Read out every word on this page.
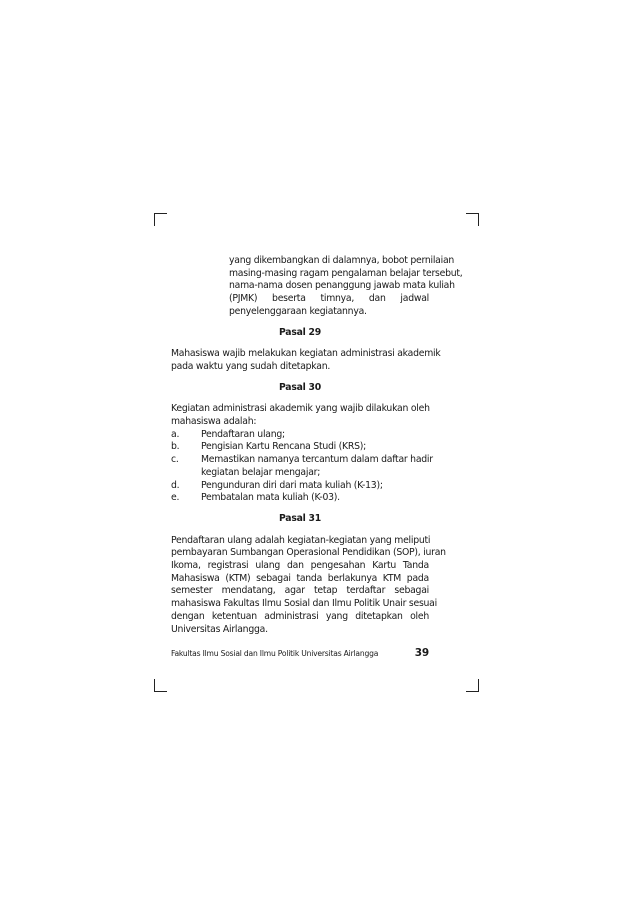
yang dikembangkan di dalamnya, bobot pernilaian
masing-masing ragam pengalaman belajar tersebut,
nama-nama dosen penanggung jawab mata kuliah
(PJMK) beserta timnya, dan jadwal
penyelenggaraan kegiatannya.
Pasal 29
Mahasiswa wajib melakukan kegiatan administrasi akademik
pada waktu yang sudah ditetapkan.
Pasal 30
Kegiatan administrasi akademik yang wajib dilakukan oleh
mahasiswa adalah:
a. Pendaftaran ulang;
b. Pengisian Kartu Rencana Studi (KRS);
c. Memastikan namanya tercantum dalam daftar hadir
kegiatan belajar mengajar;
d. Pengunduran diri dari mata kuliah (K-13);
e. Pembatalan mata kuliah (K-03).
Pasal 31
Pendaftaran ulang adalah kegiatan-kegiatan yang meliputi
pembayaran Sumbangan Operasional Pendidikan (SOP), iuran
Ikoma, registrasi ulang dan pengesahan Kartu Tanda
Mahasiswa (KTM) sebagai tanda berlakunya KTM pada
semester mendatang, agar tetap terdaftar sebagai
mahasiswa Fakultas Ilmu Sosial dan Ilmu Politik Unair sesuai
dengan ketentuan administrasi yang ditetapkan oleh
Universitas Airlangga.
Fakultas Ilmu Sosial dan Ilmu Politik Universitas Airlangga	39
